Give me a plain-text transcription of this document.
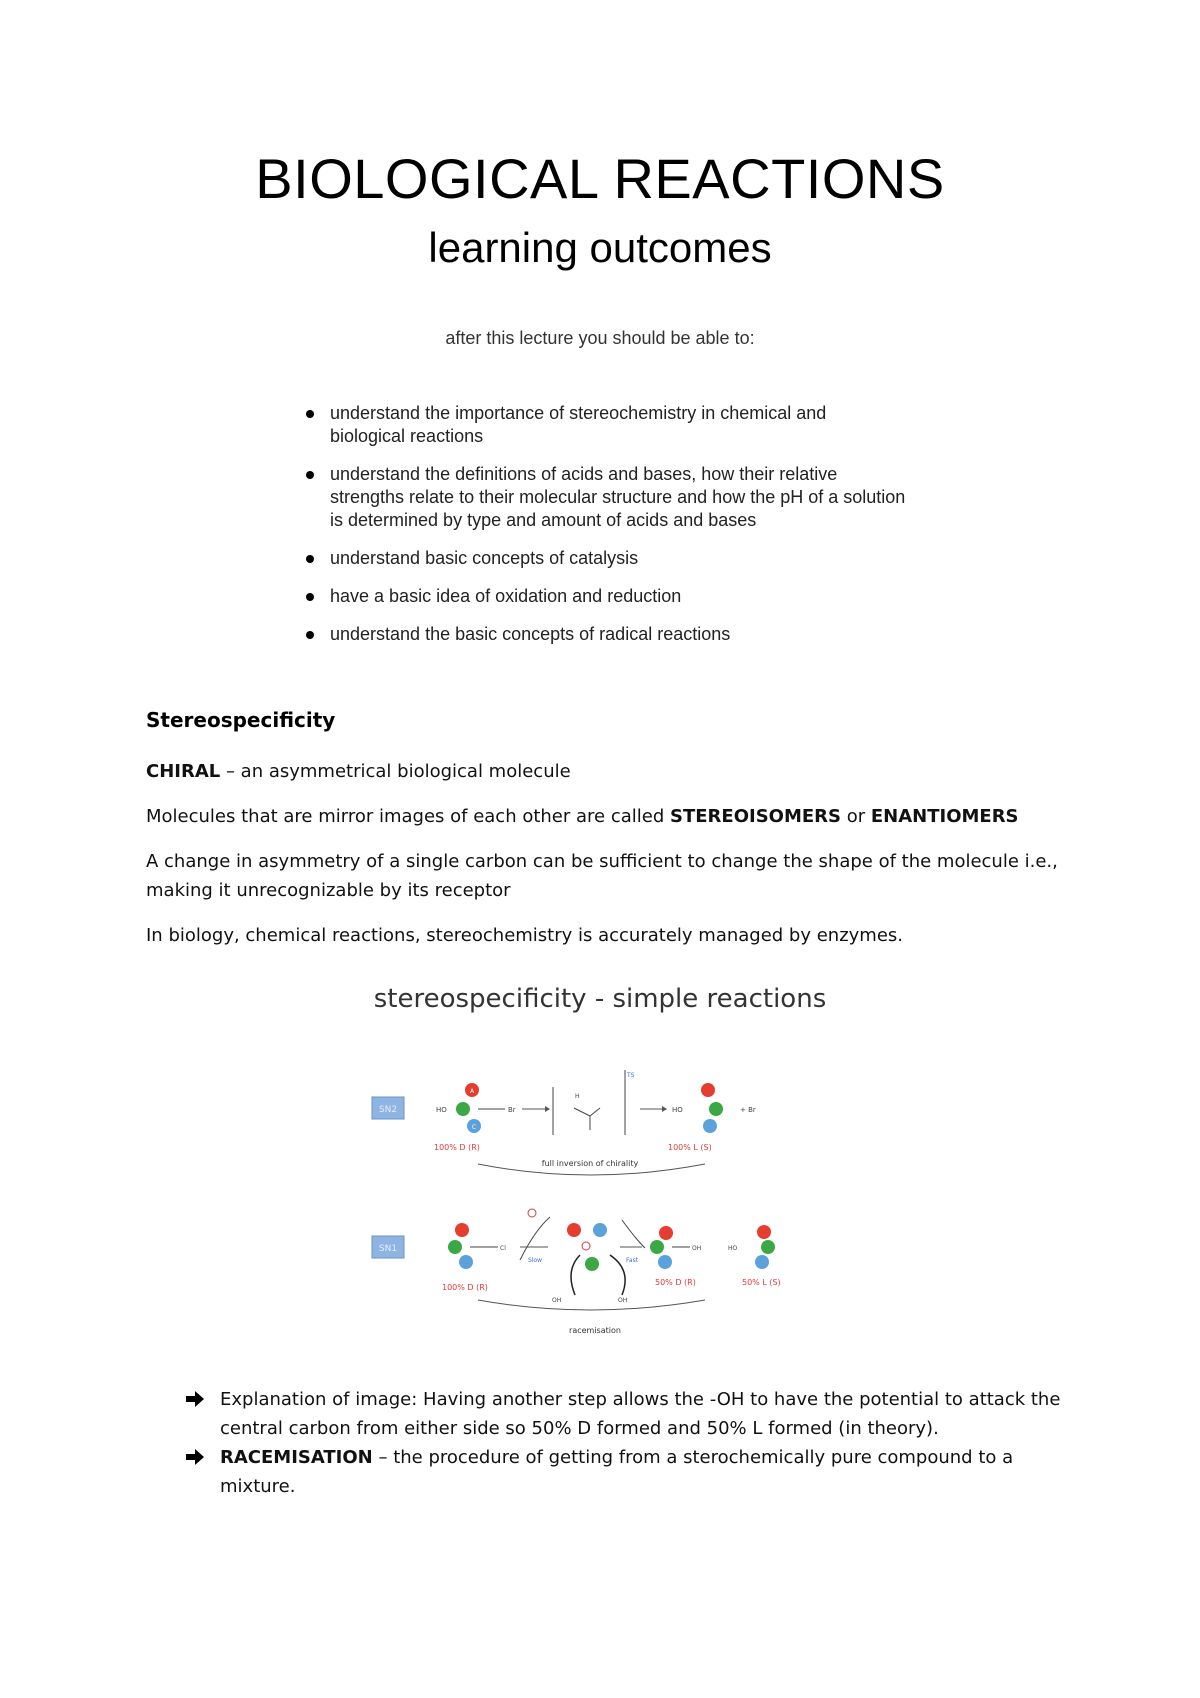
BIOLOGICAL REACTIONS
learning outcomes
after this lecture you should be able to:
understand the importance of stereochemistry in chemical and biological reactions
understand the definitions of acids and bases, how their relative strengths relate to their molecular structure and how the pH of a solution is determined by type and amount of acids and bases
understand basic concepts of catalysis
have a basic idea of oxidation and reduction
understand the basic concepts of radical reactions
Stereospecificity
CHIRAL – an asymmetrical biological molecule
Molecules that are mirror images of each other are called STEREOISOMERS or ENANTIOMERS
A change in asymmetry of a single carbon can be sufficient to change the shape of the molecule i.e., making it unrecognizable by its receptor
In biology, chemical reactions, stereochemistry is accurately managed by enzymes.
stereospecificity - simple reactions
SN2	HO
A
C
Br
TS
H
HO	+ Br
100% D (R)	100% L (S)
full inversion of chirality
SN1	Cl
Slow
OH	OH
Fast
OH	HO
100% D (R)
50% D (R)	50% L (S)
racemisation
Explanation of image: Having another step allows the -OH to have the potential to attack the central carbon from either side so 50% D formed and 50% L formed (in theory).
RACEMISATION – the procedure of getting from a sterochemically pure compound to a mixture.
